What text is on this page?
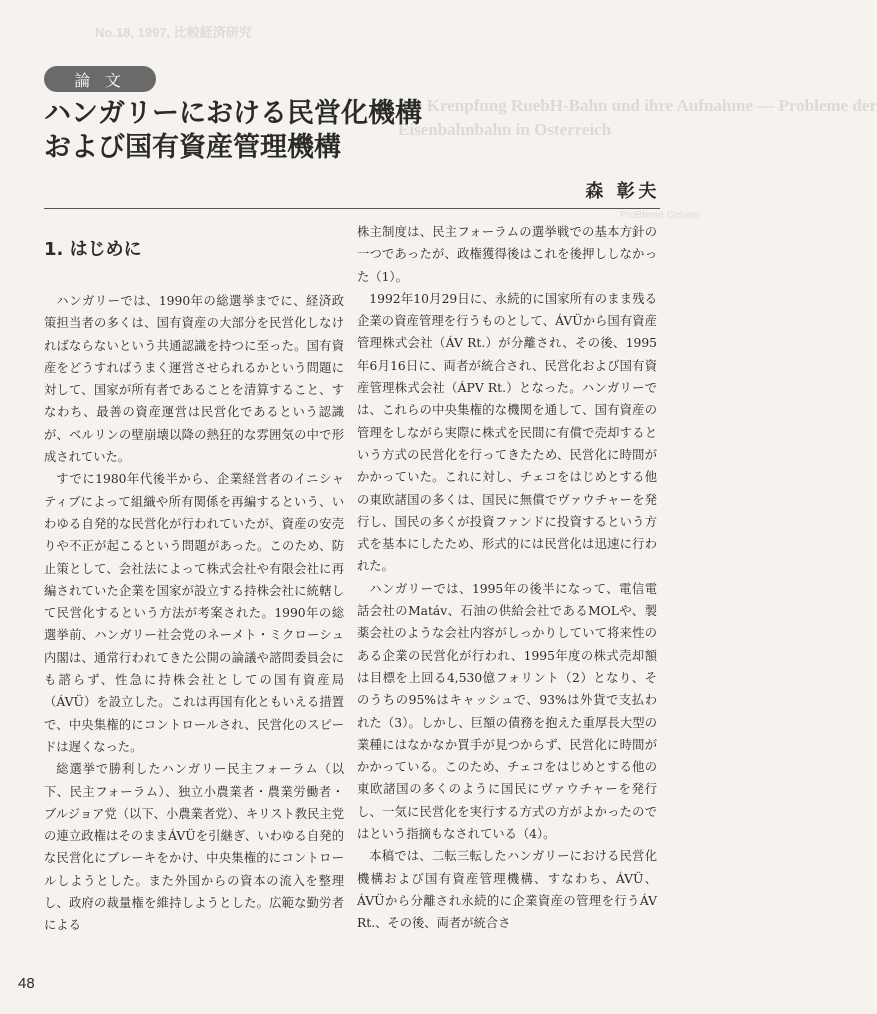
No.18, 1997, 比較経済研究
Die Krenpfung RuebH-Bahn und ihre Aufnahme — Probleme der
Eisenbahnbahn in Osterreich
ProBleme Gehinn
論 文
ハンガリーにおける民営化機構
および国有資産管理機構
森 彰夫
1. はじめに

ハンガリーでは、1990年の総選挙までに、経済政策担当者の多くは、国有資産の大部分を民営化しなければならないという共通認識を持つに至った。国有資産をどうすればうまく運営させられるかという問題に対して、国家が所有者であることを清算すること、すなわち、最善の資産運営は民営化であるという認識が、ベルリンの壁崩壊以降の熱狂的な雰囲気の中で形成されていた。

すでに1980年代後半から、企業経営者のイニシャティブによって組織や所有関係を再編するという、いわゆる自発的な民営化が行われていたが、資産の安売りや不正が起こるという問題があった。このため、防止策として、会社法によって株式会社や有限会社に再編されていた企業を国家が設立する持株会社に統轄して民営化するという方法が考案された。1990年の総選挙前、ハンガリー社会党のネーメト・ミクローシュ内閣は、通常行われてきた公開の論議や諮問委員会にも諮らず、性急に持株会社としての国有資産局（ÁVÜ）を設立した。これは再国有化ともいえる措置で、中央集権的にコントロールされ、民営化のスピードは遅くなった。

総選挙で勝利したハンガリー民主フォーラム（以下、民主フォーラム）、独立小農業者・農業労働者・ブルジョア党（以下、小農業者党）、キリスト教民主党の連立政権はそのままÁVÜを引継ぎ、いわゆる自発的な民営化にブレーキをかけ、中央集権的にコントロールしようとした。また外国からの資本の流入を整理し、政府の裁量権を維持しようとした。広範な勤労者による

株主制度は、民主フォーラムの選挙戦での基本方針の一つであったが、政権獲得後はこれを後押ししなかった（1）。

1992年10月29日に、永続的に国家所有のまま残る企業の資産管理を行うものとして、ÁVÜから国有資産管理株式会社（ÁV Rt.）が分離され、その後、1995年6月16日に、両者が統合され、民営化および国有資産管理株式会社（ÁPV Rt.）となった。ハンガリーでは、これらの中央集権的な機関を通して、国有資産の管理をしながら実際に株式を民間に有償で売却するという方式の民営化を行ってきたため、民営化に時間がかかっていた。これに対し、チェコをはじめとする他の東欧諸国の多くは、国民に無償でヴァウチャーを発行し、国民の多くが投資ファンドに投資するという方式を基本にしたため、形式的には民営化は迅速に行われた。

ハンガリーでは、1995年の後半になって、電信電話会社のMatáv、石油の供給会社であるMOLや、製薬会社のような会社内容がしっかりしていて将来性のある企業の民営化が行われ、1995年度の株式売却額は目標を上回る4,530億フォリント（2）となり、そのうちの95%はキャッシュで、93%は外貨で支払われた（3）。しかし、巨額の債務を抱えた重厚長大型の業種にはなかなか買手が見つからず、民営化に時間がかかっている。このため、チェコをはじめとする他の東欧諸国の多くのように国民にヴァウチャーを発行し、一気に民営化を実行する方式の方がよかったのではという指摘もなされている（4）。

本稿では、二転三転したハンガリーにおける民営化機構および国有資産管理機構、すなわち、ÁVÜ、ÁVÜから分離され永続的に企業資産の管理を行うÁV Rt.、その後、両者が統合さ

48
